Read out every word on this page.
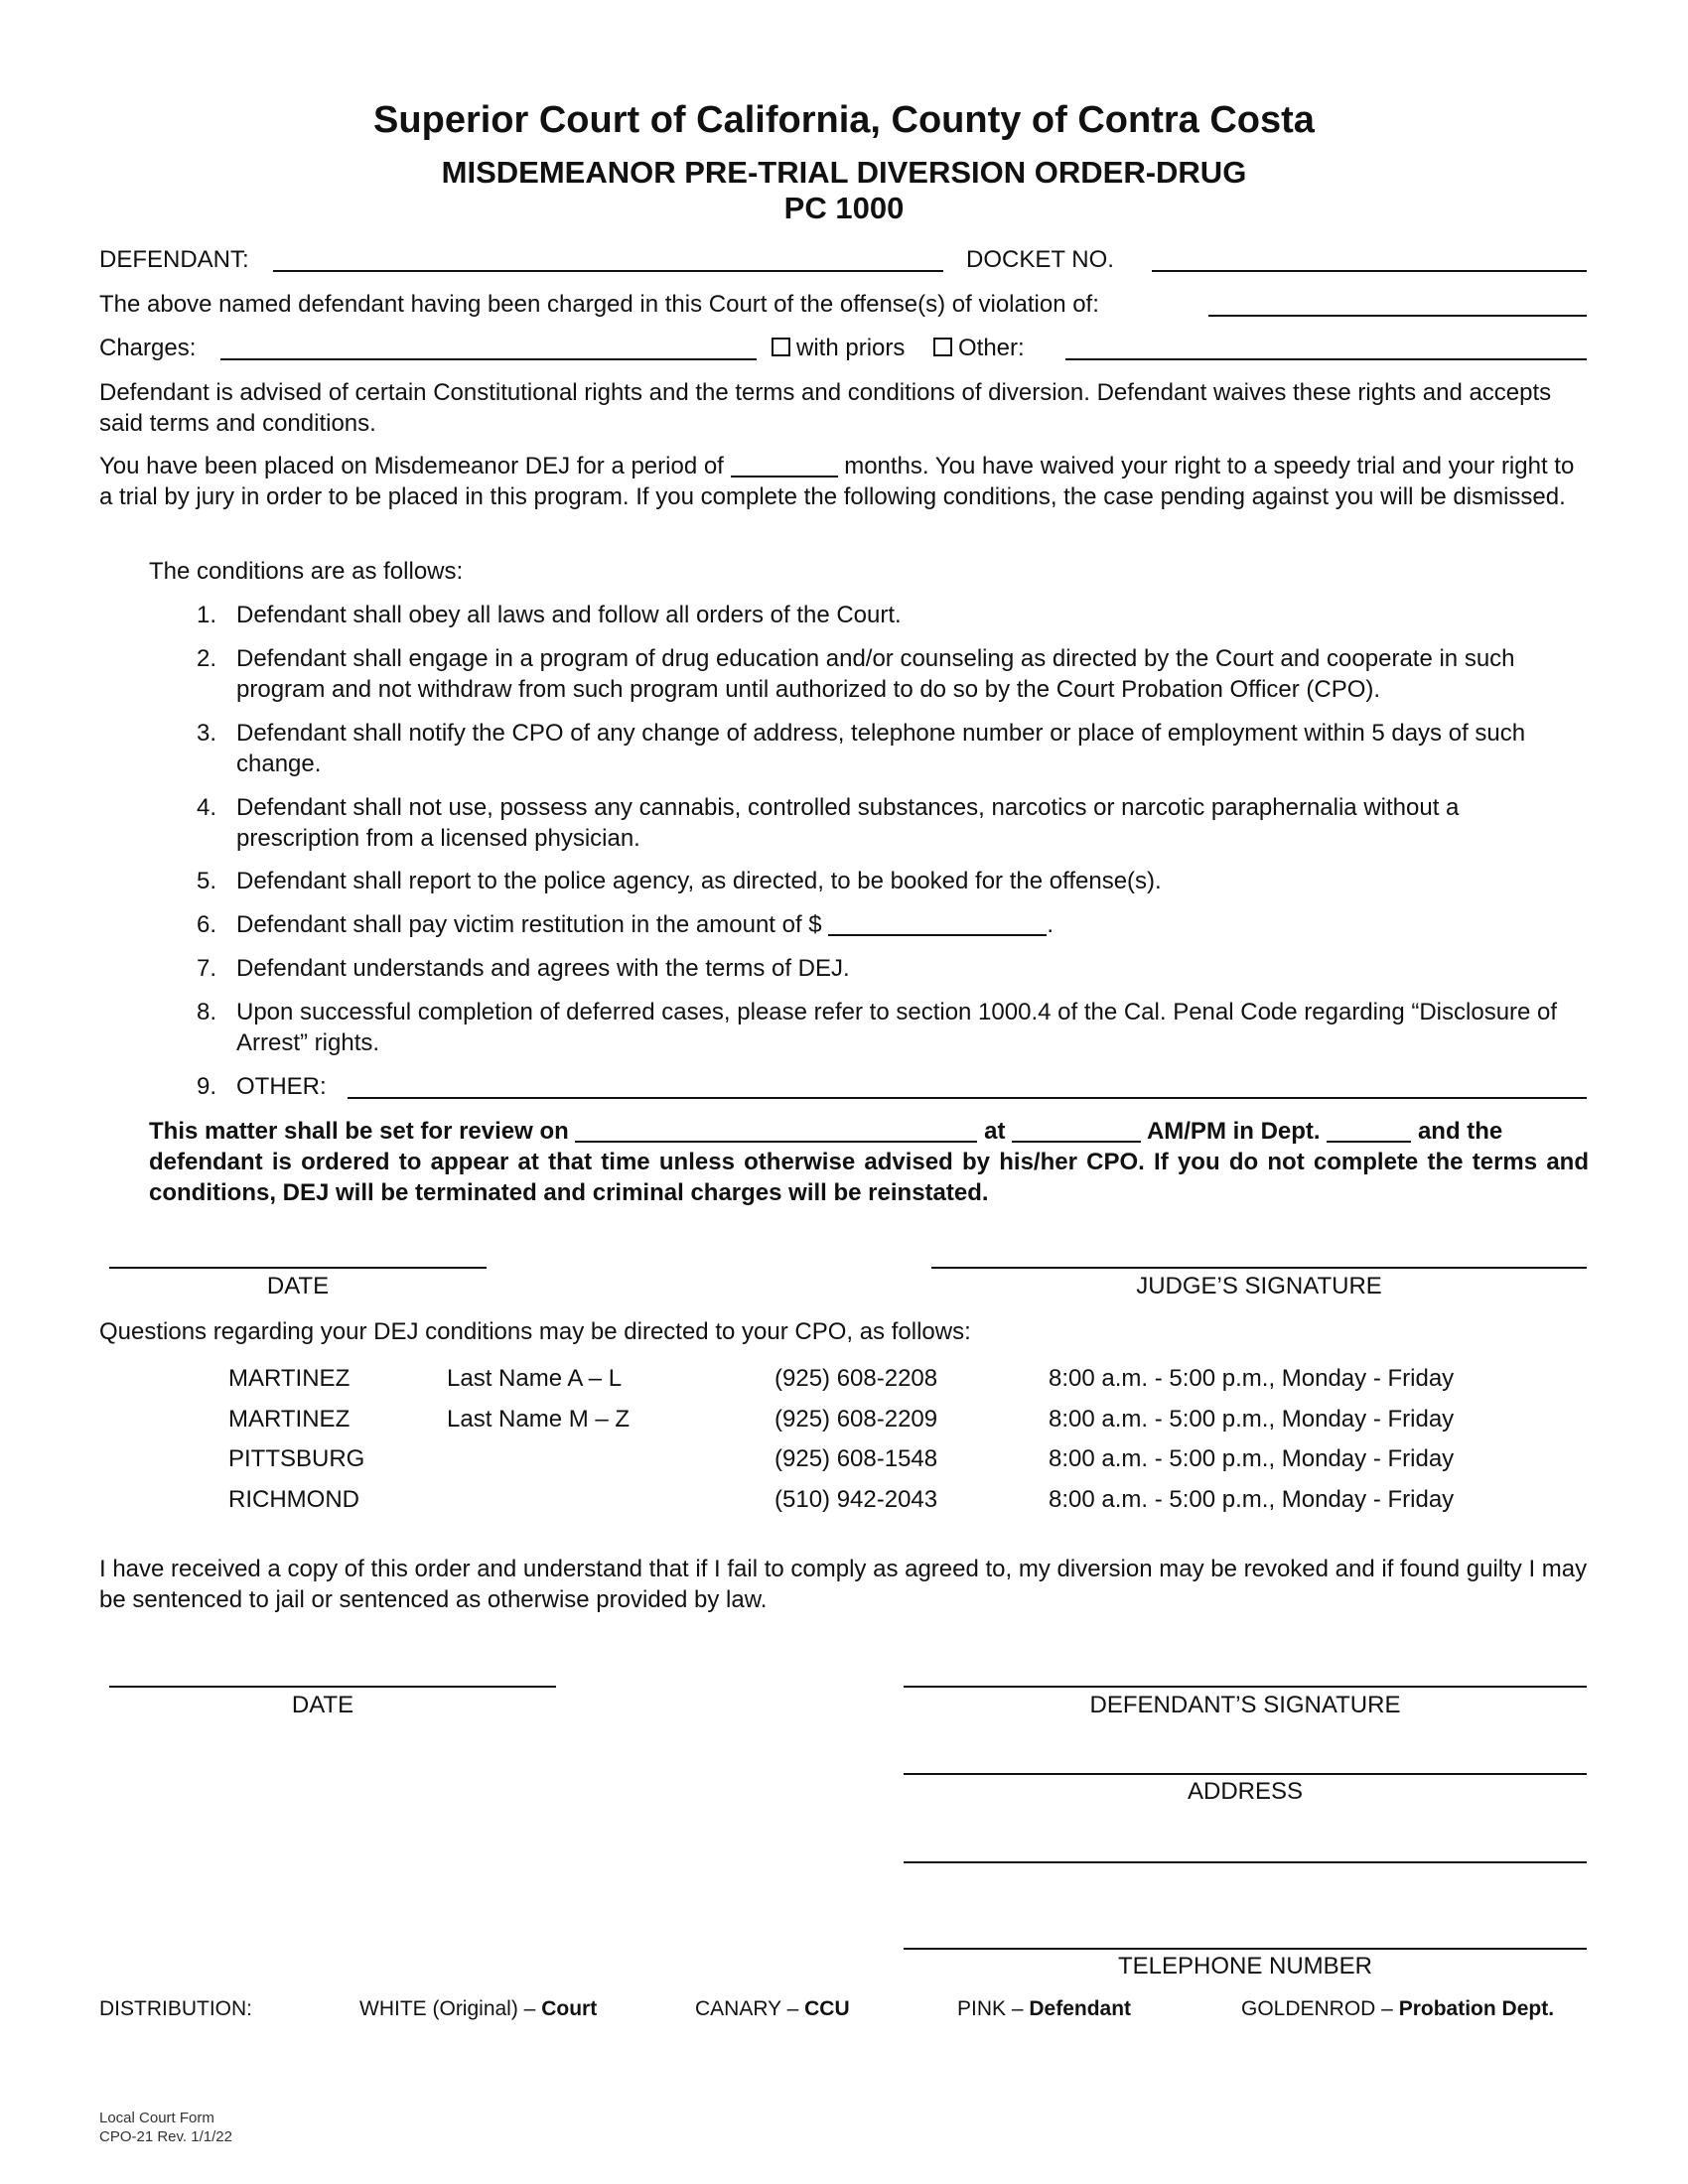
Superior Court of California, County of Contra Costa
MISDEMEANOR PRE-TRIAL DIVERSION ORDER-DRUG
PC 1000
DEFENDANT:	DOCKET NO.
The above named defendant having been charged in this Court of the offense(s) of violation of:
Charges:	with priors	Other:
Defendant is advised of certain Constitutional rights and the terms and conditions of diversion. Defendant waives these rights and accepts said terms and conditions.
You have been placed on Misdemeanor DEJ for a period of	months. You have waived your right to a speedy trial and your right to a trial by jury in order to be placed in this program. If you complete the following conditions, the case pending against you will be dismissed.
The conditions are as follows:
1. Defendant shall obey all laws and follow all orders of the Court.
2. Defendant shall engage in a program of drug education and/or counseling as directed by the Court and cooperate in such program and not withdraw from such program until authorized to do so by the Court Probation Officer (CPO).
3. Defendant shall notify the CPO of any change of address, telephone number or place of employment within 5 days of such change.
4. Defendant shall not use, possess any cannabis, controlled substances, narcotics or narcotic paraphernalia without a prescription from a licensed physician.
5. Defendant shall report to the police agency, as directed, to be booked for the offense(s).
6. Defendant shall pay victim restitution in the amount of $	.
7. Defendant understands and agrees with the terms of DEJ.
8. Upon successful completion of deferred cases, please refer to section 1000.4 of the Cal. Penal Code regarding “Disclosure of Arrest” rights.
9. OTHER:
This matter shall be set for review on	at	AM/PM in Dept.	and the
defendant is ordered to appear at that time unless otherwise advised by his/her CPO. If you do not complete the terms and conditions, DEJ will be terminated and criminal charges will be reinstated.
DATE	JUDGE’S SIGNATURE
Questions regarding your DEJ conditions may be directed to your CPO, as follows:
MARTINEZ	Last Name A – L	(925) 608-2208	8:00 a.m. - 5:00 p.m., Monday - Friday
MARTINEZ	Last Name M – Z	(925) 608-2209	8:00 a.m. - 5:00 p.m., Monday - Friday
PITTSBURG	(925) 608-1548	8:00 a.m. - 5:00 p.m., Monday - Friday
RICHMOND	(510) 942-2043	8:00 a.m. - 5:00 p.m., Monday - Friday
I have received a copy of this order and understand that if I fail to comply as agreed to, my diversion may be revoked and if found guilty I may be sentenced to jail or sentenced as otherwise provided by law.
DATE	DEFENDANT’S SIGNATURE
ADDRESS
TELEPHONE NUMBER
DISTRIBUTION:	WHITE (Original) – Court	CANARY – CCU	PINK – Defendant	GOLDENROD – Probation Dept.
Local Court Form
CPO-21 Rev. 1/1/22
